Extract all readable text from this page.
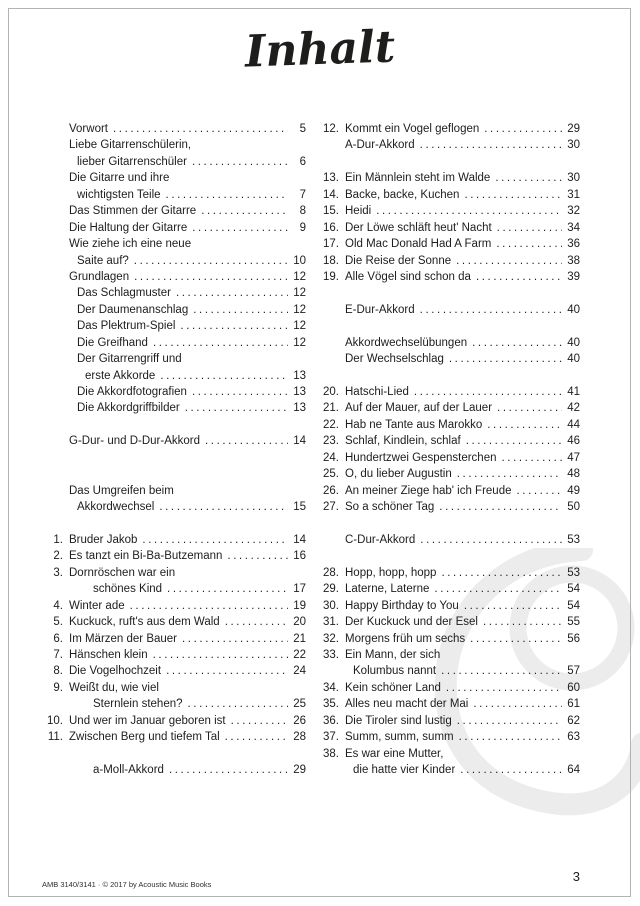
Inhalt
Vorwort .....	5
Liebe Gitarrenschülerin,
lieber Gitarrenschüler .....	6
Die Gitarre und ihre
wichtigsten Teile .....	7
Das Stimmen der Gitarre .....	8
Die Haltung der Gitarre .....	9
Wie ziehe ich eine neue
Saite auf? .....	10
Grundlagen .....	12
Das Schlagmuster .....	12
Der Daumenanschlag .....	12
Das Plektrum-Spiel .....	12
Die Greifhand .....	12
Der Gitarrengriff und
erste Akkorde .....	13
Die Akkordfotografien .....	13
Die Akkordgriffbilder .....	13
G-Dur- und D-Dur-Akkord .....	14
Das Umgreifen beim
Akkordwechsel .....	15
1. Bruder Jakob .....	14
2. Es tanzt ein Bi-Ba-Butzemann .....	16
3. Dornröschen war ein
schönes Kind .....	17
4. Winter ade .....	19
5. Kuckuck, ruft's aus dem Wald .....	20
6. Im Märzen der Bauer .....	21
7. Hänschen klein .....	22
8. Die Vogelhochzeit .....	24
9. Weißt du, wie viel
Sternlein stehen? .....	25
10. Und wer im Januar geboren ist .....	26
11. Zwischen Berg und tiefem Tal .....	28
a-Moll-Akkord .....	29
12. Kommt ein Vogel geflogen .....	29
A-Dur-Akkord .....	30
13. Ein Männlein steht im Walde .....	30
14. Backe, backe, Kuchen .....	31
15. Heidi .....	32
16. Der Löwe schläft heut' Nacht .....	34
17. Old Mac Donald Had A Farm .....	36
18. Die Reise der Sonne .....	38
19. Alle Vögel sind schon da .....	39
E-Dur-Akkord .....	40
Akkordwechselübungen .....	40
Der Wechselschlag .....	40
20. Hatschi-Lied .....	41
21. Auf der Mauer, auf der Lauer .....	42
22. Hab ne Tante aus Marokko .....	44
23. Schlaf, Kindlein, schlaf .....	46
24. Hundertzwei Gespensterchen .....	47
25. O, du lieber Augustin .....	48
26. An meiner Ziege hab' ich Freude .....	49
27. So a schöner Tag .....	50
C-Dur-Akkord .....	53
28. Hopp, hopp, hopp .....	53
29. Laterne, Laterne .....	54
30. Happy Birthday to You .....	54
31. Der Kuckuck und der Esel .....	55
32. Morgens früh um sechs .....	56
33. Ein Mann, der sich
Kolumbus nannt .....	57
34. Kein schöner Land .....	60
35. Alles neu macht der Mai .....	61
36. Die Tiroler sind lustig .....	62
37. Summ, summ, summ .....	63
38. Es war eine Mutter,
die hatte vier Kinder .....	64
AMB 3140/3141 · © 2017 by Acoustic Music Books
3
